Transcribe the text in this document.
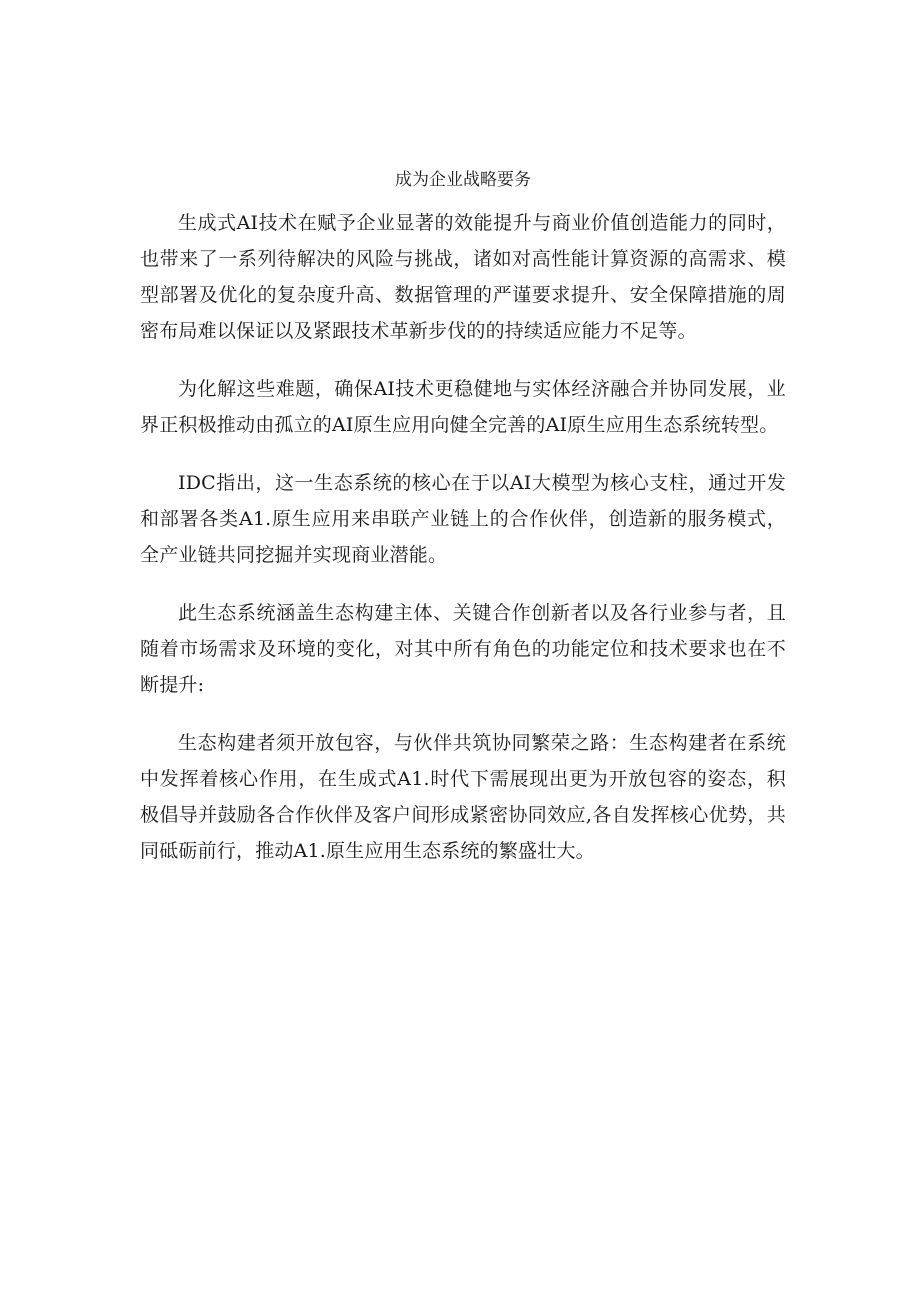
成为企业战略要务

生成式AI技术在赋予企业显著的效能提升与商业价值创造能力的同时，也带来了一系列待解决的风险与挑战，诸如对高性能计算资源的高需求、模型部署及优化的复杂度升高、数据管理的严谨要求提升、安全保障措施的周密布局难以保证以及紧跟技术革新步伐的的持续适应能力不足等。

为化解这些难题，确保AI技术更稳健地与实体经济融合并协同发展，业界正积极推动由孤立的AI原生应用向健全完善的AI原生应用生态系统转型。

IDC指出，这一生态系统的核心在于以AI大模型为核心支柱，通过开发和部署各类A1.原生应用来串联产业链上的合作伙伴，创造新的服务模式，全产业链共同挖掘并实现商业潜能。

此生态系统涵盖生态构建主体、关键合作创新者以及各行业参与者，且随着市场需求及环境的变化，对其中所有角色的功能定位和技术要求也在不断提升:

生态构建者须开放包容，与伙伴共筑协同繁荣之路：生态构建者在系统中发挥着核心作用，在生成式A1.时代下需展现出更为开放包容的姿态，积极倡导并鼓励各合作伙伴及客户间形成紧密协同效应,各自发挥核心优势，共同砥砺前行，推动A1.原生应用生态系统的繁盛壮大。
